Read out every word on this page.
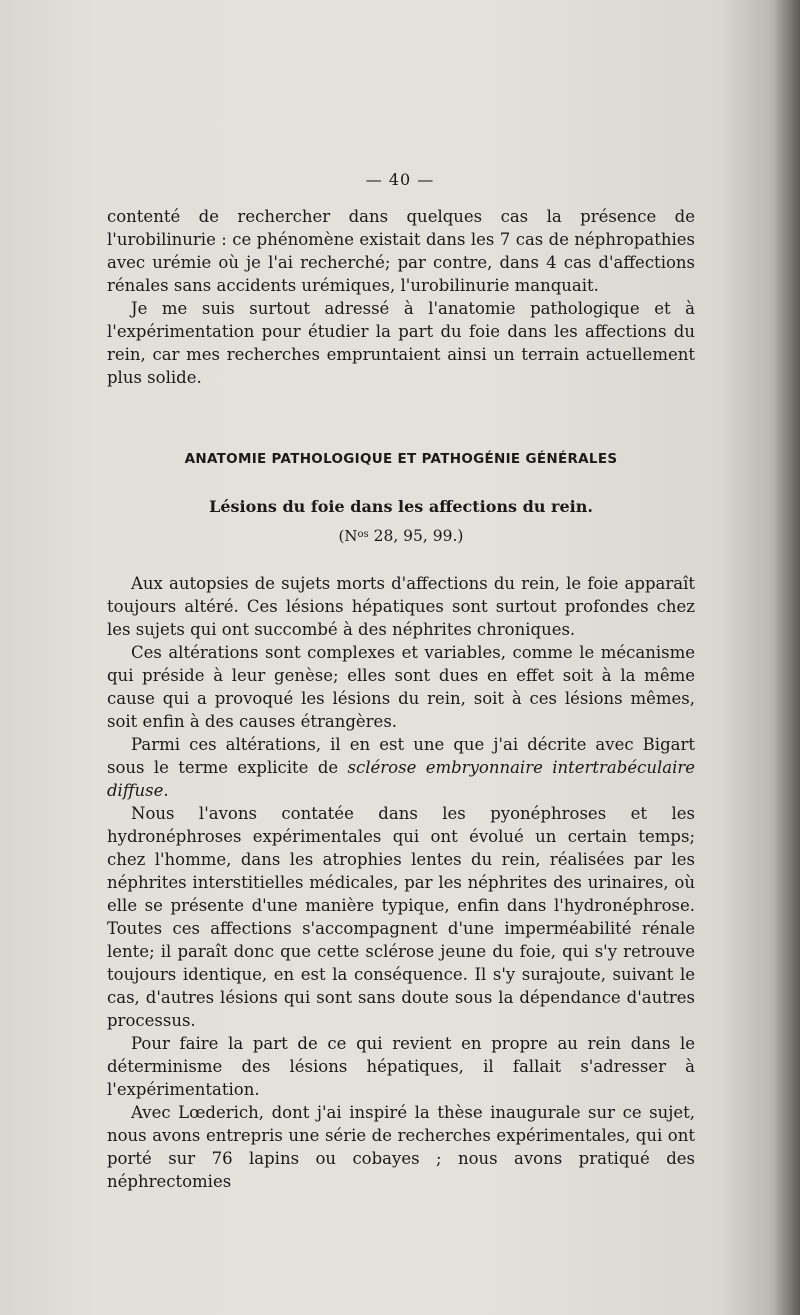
— 40 —

contenté de rechercher dans quelques cas la présence de l'urobilinurie : ce phénomène existait dans les 7 cas de néphropathies avec urémie où je l'ai recherché; par contre, dans 4 cas d'affections rénales sans accidents urémiques, l'urobilinurie manquait.

Je me suis surtout adressé à l'anatomie pathologique et à l'expérimentation pour étudier la part du foie dans les affections du rein, car mes recherches empruntaient ainsi un terrain actuellement plus solide.

ANATOMIE PATHOLOGIQUE ET PATHOGÉNIE GÉNÉRALES
Lésions du foie dans les affections du rein.
(N$^{os}$ 28, 95, 99.)

Aux autopsies de sujets morts d'affections du rein, le foie apparaît toujours altéré. Ces lésions hépatiques sont surtout profondes chez les sujets qui ont succombé à des néphrites chroniques.

Ces altérations sont complexes et variables, comme le mécanisme qui préside à leur genèse; elles sont dues en effet soit à la même cause qui a provoqué les lésions du rein, soit à ces lésions mêmes, soit enfin à des causes étrangères.

Parmi ces altérations, il en est une que j'ai décrite avec Bigart sous le terme explicite de sclérose embryonnaire intertrabéculaire diffuse.

Nous l'avons contatée dans les pyonéphroses et les hydronéphroses expérimentales qui ont évolué un certain temps; chez l'homme, dans les atrophies lentes du rein, réalisées par les néphrites interstitielles médicales, par les néphrites des urinaires, où elle se présente d'une manière typique, enfin dans l'hydronéphrose. Toutes ces affections s'accompagnent d'une imperméabilité rénale lente; il paraît donc que cette sclérose jeune du foie, qui s'y retrouve toujours identique, en est la conséquence. Il s'y surajoute, suivant le cas, d'autres lésions qui sont sans doute sous la dépendance d'autres processus.

Pour faire la part de ce qui revient en propre au rein dans le déterminisme des lésions hépatiques, il fallait s'adresser à l'expérimentation.

Avec Lœderich, dont j'ai inspiré la thèse inaugurale sur ce sujet, nous avons entrepris une série de recherches expérimentales, qui ont porté sur 76 lapins ou cobayes ; nous avons pratiqué des néphrectomies
